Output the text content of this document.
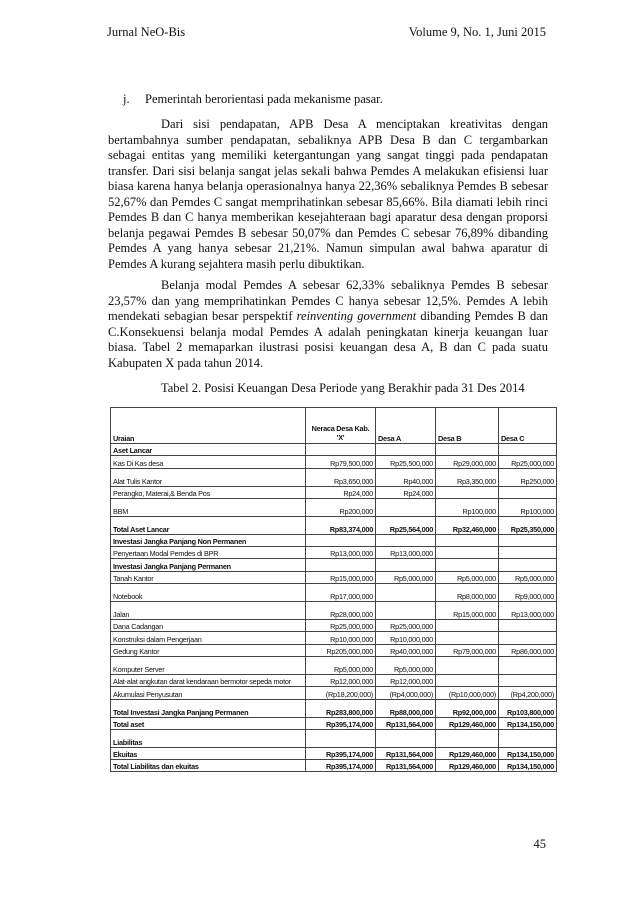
Jurnal NeO-Bis	Volume 9, No. 1, Juni 2015
j. Pemerintah berorientasi pada mekanisme pasar.

Dari sisi pendapatan, APB Desa A menciptakan kreativitas dengan bertambahnya sumber pendapatan, sebaliknya APB Desa B dan C tergambarkan sebagai entitas yang memiliki ketergantungan yang sangat tinggi pada pendapatan transfer. Dari sisi belanja sangat jelas sekali bahwa Pemdes A melakukan efisiensi luar biasa karena hanya belanja operasionalnya hanya 22,36% sebaliknya Pemdes B sebesar 52,67% dan Pemdes C sangat memprihatinkan sebesar 85,66%. Bila diamati lebih rinci Pemdes B dan C hanya memberikan kesejahteraan bagi aparatur desa dengan proporsi belanja pegawai Pemdes B sebesar 50,07% dan Pemdes C sebesar 76,89% dibanding Pemdes A yang hanya sebesar 21,21%. Namun simpulan awal bahwa aparatur di Pemdes A kurang sejahtera masih perlu dibuktikan.

Belanja modal Pemdes A sebesar 62,33% sebaliknya Pemdes B sebesar 23,57% dan yang memprihatinkan Pemdes C hanya sebesar 12,5%. Pemdes A lebih mendekati sebagian besar perspektif reinventing government dibanding Pemdes B dan C.Konsekuensi belanja modal Pemdes A adalah peningkatan kinerja keuangan luar biasa. Tabel 2 memaparkan ilustrasi posisi keuangan desa A, B dan C pada suatu Kabupaten X pada tahun 2014.

Tabel 2. Posisi Keuangan Desa Periode yang Berakhir pada 31 Des 2014
Uraian	Neraca Desa Kab. 'X'	Desa A	Desa B	Desa C
Aset Lancar				
Kas Di Kas desa	Rp79,500,000	Rp25,500,000	Rp29,000,000	Rp25,000,000
Alat Tulis Kantor	Rp3,650,000	Rp40,000	Rp3,350,000	Rp250,000
Perangko, Materai,& Benda Pos	Rp24,000	Rp24,000		
BBM	Rp200,000		Rp100,000	Rp100,000
Total Aset Lancar	Rp83,374,000	Rp25,564,000	Rp32,460,000	Rp25,350,000
Investasi Jangka Panjang Non Permanen				
Penyertaan Modal Pemdes di BPR	Rp13,000,000	Rp13,000,000		
Investasi Jangka Panjang Permanen				
Tanah Kantor	Rp15,000,000	Rp5,000,000	Rp5,000,000	Rp5,000,000
Notebook	Rp17,000,000		Rp8,000,000	Rp9,000,000
Jalan	Rp28,000,000		Rp15,000,000	Rp13,000,000
Dana Cadangan	Rp25,000,000	Rp25,000,000		
Konstruksi dalam Pengerjaan	Rp10,000,000	Rp10,000,000		
Gedung Kantor	Rp205,000,000	Rp40,000,000	Rp79,000,000	Rp86,000,000
Komputer Server	Rp5,000,000	Rp5,000,000		
Alat-alat angkutan darat kendaraan bermotor sepeda motor	Rp12,000,000	Rp12,000,000		
Akumulasi Penyusutan	(Rp18,200,000)	(Rp4,000,000)	(Rp10,000,000)	(Rp4,200,000)
Total Investasi Jangka Panjang Permanen	Rp283,800,000	Rp88,000,000	Rp92,000,000	Rp103,800,000
Total aset	Rp395,174,000	Rp131,564,000	Rp129,460,000	Rp134,150,000
Liabilitas				
Ekuitas	Rp395,174,000	Rp131,564,000	Rp129,460,000	Rp134,150,000
Total Liabilitas dan ekuitas	Rp395,174,000	Rp131,564,000	Rp129,460,000	Rp134,150,000
45
